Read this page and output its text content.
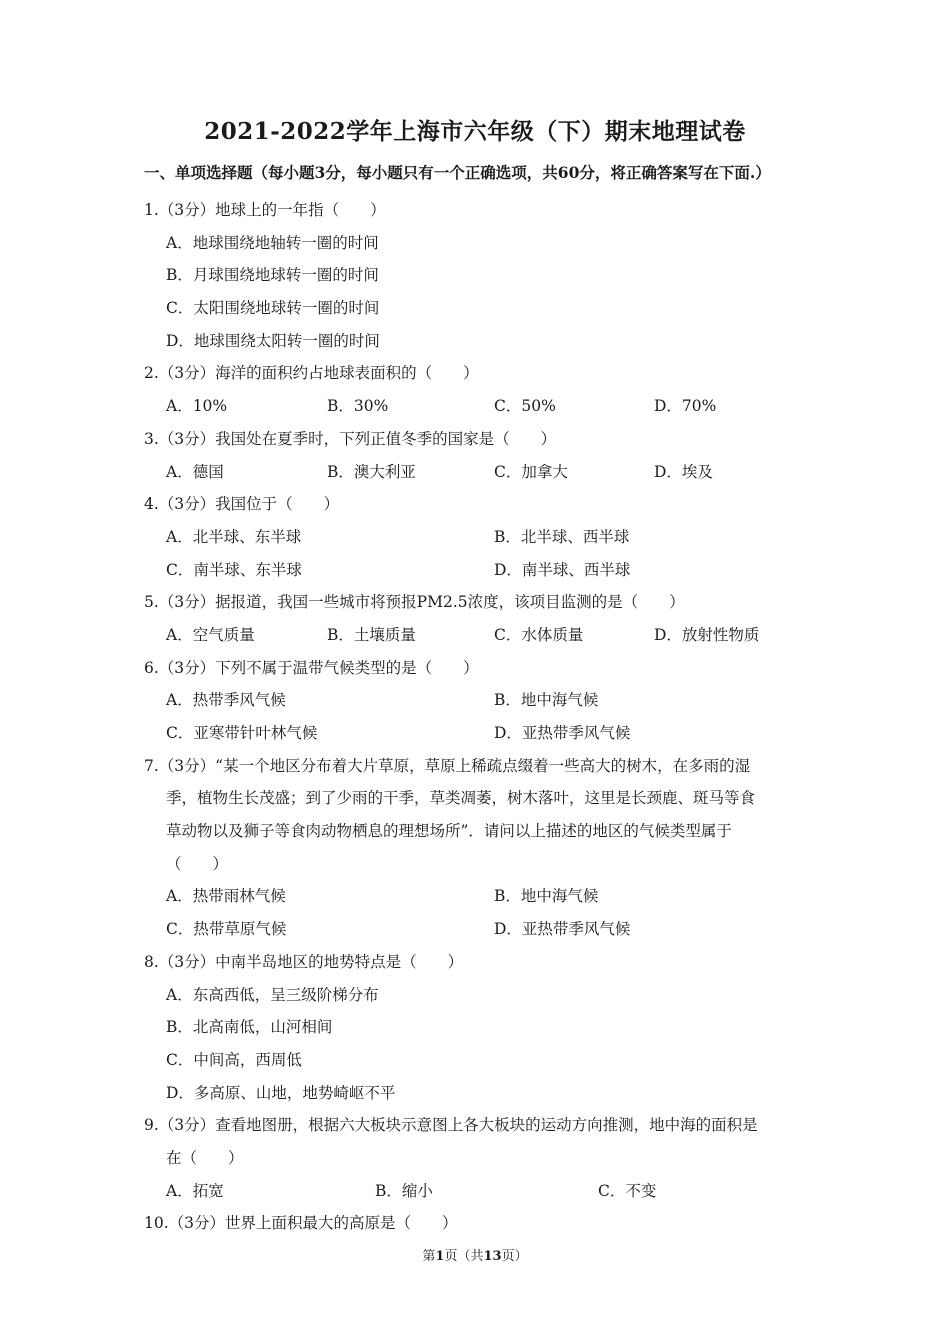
2021-2022学年上海市六年级（下）期末地理试卷
一、单项选择题（每小题3分，每小题只有一个正确选项，共60分，将正确答案写在下面.）
1.（3分）地球上的一年指（　　）
A．地球围绕地轴转一圈的时间
B．月球围绕地球转一圈的时间
C．太阳围绕地球转一圈的时间
D．地球围绕太阳转一圈的时间
2.（3分）海洋的面积约占地球表面积的（　　）
A．10%	B．30%	C．50%	D．70%
3.（3分）我国处在夏季时，下列正值冬季的国家是（　　）
A．德国	B．澳大利亚	C．加拿大	D．埃及
4.（3分）我国位于（　　）
A．北半球、东半球	B．北半球、西半球
C．南半球、东半球	D．南半球、西半球
5.（3分）据报道，我国一些城市将预报PM2.5浓度，该项目监测的是（　　）
A．空气质量	B．土壤质量	C．水体质量	D．放射性物质
6.（3分）下列不属于温带气候类型的是（　　）
A．热带季风气候	B．地中海气候
C．亚寒带针叶林气候	D．亚热带季风气候
7.（3分）“某一个地区分布着大片草原，草原上稀疏点缀着一些高大的树木，在多雨的湿
季，植物生长茂盛；到了少雨的干季，草类凋萎，树木落叶，这里是长颈鹿、斑马等食
草动物以及狮子等食肉动物栖息的理想场所”．请问以上描述的地区的气候类型属于
（　　）
A．热带雨林气候	B．地中海气候
C．热带草原气候	D．亚热带季风气候
8.（3分）中南半岛地区的地势特点是（　　）
A．东高西低，呈三级阶梯分布
B．北高南低，山河相间
C．中间高，西周低
D．多高原、山地，地势崎岖不平
9.（3分）查看地图册，根据六大板块示意图上各大板块的运动方向推测，地中海的面积是
在（　　）
A．拓宽	B．缩小	C．不变
10.（3分）世界上面积最大的高原是（　　）
第1页（共13页）
